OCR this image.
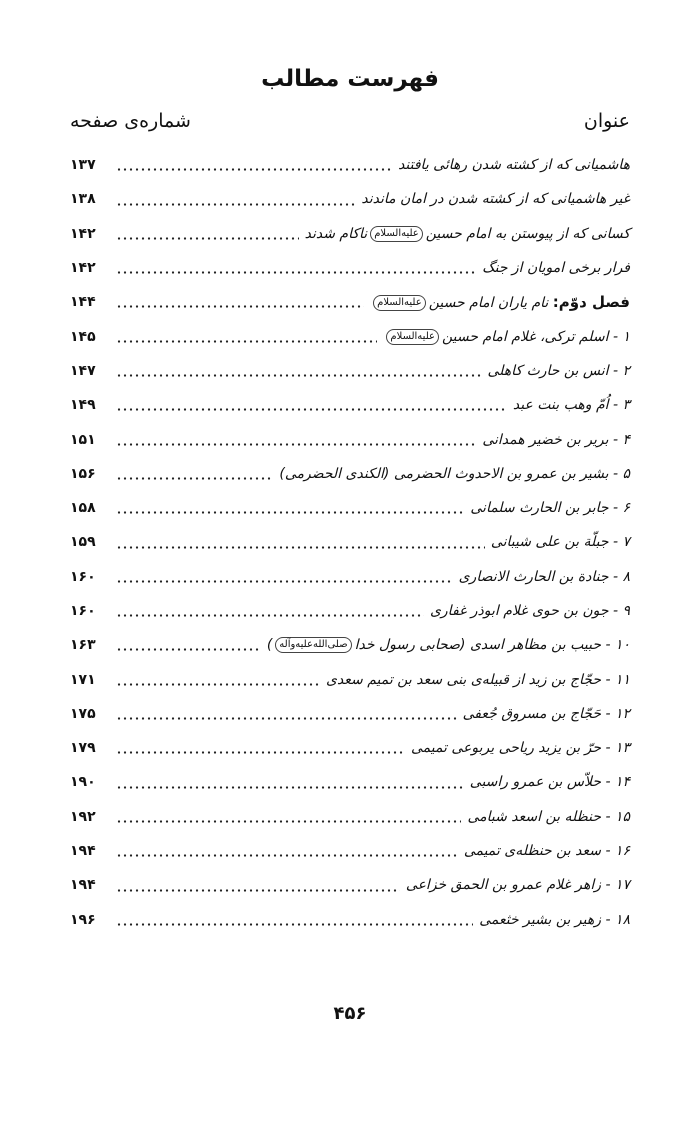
فهرست مطالب
عنوان
شماره‌ی صفحه
هاشمیانی که از کشته شدن رهائی یافتند
۱۳۷
غیر هاشمیانی که از کشته شدن در امان ماندند
۱۳۸
کسانی که از پیوستن به امام حسینعلیه‌السلامناکام شدند
۱۴۲
فرار برخی امویان از جنگ
۱۴۲
فصل دوّم: نام یاران امام حسینعلیه‌السلام
۱۴۴
۱ - اسلم ترکی، غلام امام حسینعلیه‌السلام
۱۴۵
۲ - انس بن حارث کاهلی
۱۴۷
۳ - اُمّ وهب بنت عبد
۱۴۹
۴ - بریر بن خضیر همدانی
۱۵۱
۵ - بشیر بن عمرو بن الاحدوث الحضرمی (الکندی الحضرمی)
۱۵۶
۶ - جابر بن الحارث سلمانی
۱۵۸
۷ - جبلّة بن علی شیبانی
۱۵۹
۸ - جنادة بن الحارث الانصاری
۱۶۰
۹ - جون بن حوی غلام ابوذر غفاری
۱۶۰
۱۰ - حبیب بن مظاهر اسدی (صحابی رسول خداصلی‌الله‌علیه‌وآله)
۱۶۳
۱۱ - حجّاج بن زید از قبیله‌ی بنی سعد بن تمیم سعدی
۱۷۱
۱۲ - حَجّاج بن مسروق جُعفی
۱۷۵
۱۳ - حرّ بن یزید ریاحی یربوعی تمیمی
۱۷۹
۱۴ - حلاّس بن عمرو راسبی
۱۹۰
۱۵ - حنظله بن اسعد شبامی
۱۹۲
۱۶ - سعد بن حنظله‌ی تمیمی
۱۹۴
۱۷ - زاهر غلام عمرو بن الحمق خزاعی
۱۹۴
۱۸ - زهیر بن بشیر خثعمی
۱۹۶
۴۵۶
